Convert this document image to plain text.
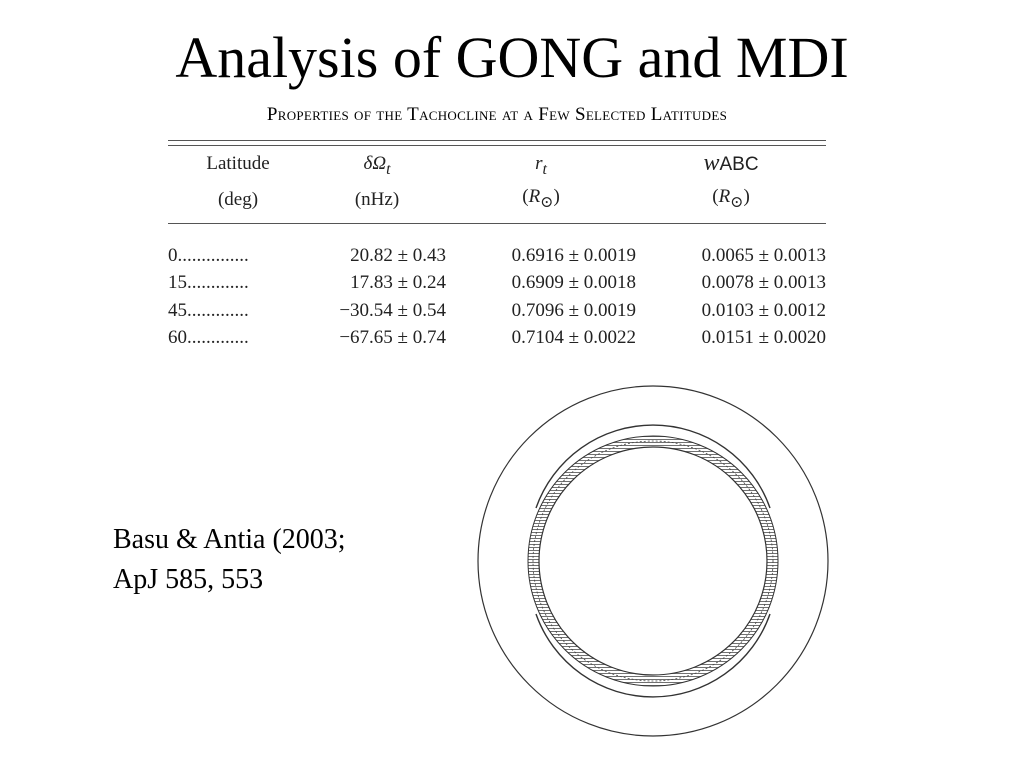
Analysis of GONG and MDI
Properties of the Tachocline at a Few Selected Latitudes
Latitude	$\delta\Omega_t$	$r_t$	wABC
(deg)	(nHz)	$(R_⊙)$	$(R_⊙)$

0...............	20.82 ± 0.43	0.6916 ± 0.0019	0.0065 ± 0.0013
15.............	17.83 ± 0.24	0.6909 ± 0.0018	0.0078 ± 0.0013
45.............	−30.54 ± 0.54	0.7096 ± 0.0019	0.0103 ± 0.0012
60.............	−67.65 ± 0.74	0.7104 ± 0.0022	0.0151 ± 0.0020
Basu & Antia (2003;
ApJ 585, 553
